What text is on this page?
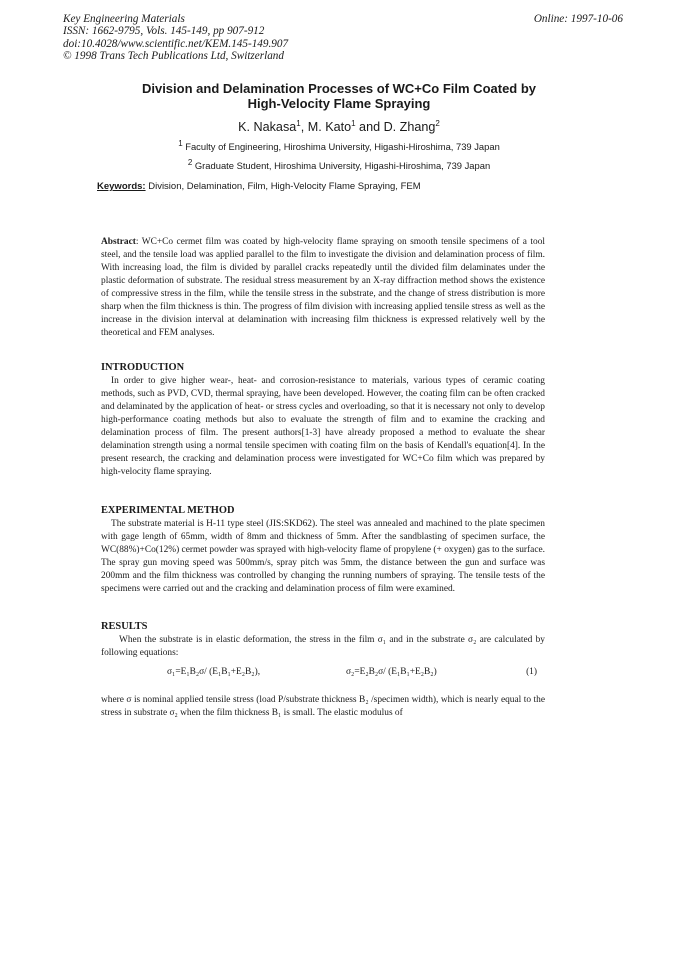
Key Engineering Materials
ISSN: 1662-9795, Vols. 145-149, pp 907-912
doi:10.4028/www.scientific.net/KEM.145-149.907
© 1998 Trans Tech Publications Ltd, Switzerland
Online: 1997-10-06
Division and Delamination Processes of WC+Co Film Coated by
High-Velocity Flame Spraying
K. Nakasa$^1$, M. Kato$^1$ and D. Zhang$^2$
$^1$ Faculty of Engineering, Hiroshima University, Higashi-Hiroshima, 739 Japan
$^2$ Graduate Student, Hiroshima University, Higashi-Hiroshima, 739 Japan
Keywords: Division, Delamination, Film, High-Velocity Flame Spraying, FEM
Abstract: WC+Co cermet film was coated by high-velocity flame spraying on smooth tensile specimens of a tool steel, and the tensile load was applied parallel to the film to investigate the division and delamination process of film. With increasing load, the film is divided by parallel cracks repeatedly until the divided film delaminates under the plastic deformation of substrate. The residual stress measurement by an X-ray diffraction method shows the existence of compressive stress in the film, while the tensile stress in the substrate, and the change of stress distribution is more sharp when the film thickness is thin. The progress of film division with increasing applied tensile stress as well as the increase in the division interval at delamination with increasing film thickness is expressed relatively well by the theoretical and FEM analyses.
INTRODUCTION
In order to give higher wear-, heat- and corrosion-resistance to materials, various types of ceramic coating methods, such as PVD, CVD, thermal spraying, have been developed. However, the coating film can be often cracked and delaminated by the application of heat- or stress cycles and overloading, so that it is necessary not only to develop high-performance coating methods but also to evaluate the strength of film and to examine the cracking and delamination process of film. The present authors[1-3] have already proposed a method to evaluate the shear delamination strength using a normal tensile specimen with coating film on the basis of Kendall's equation[4]. In the present research, the cracking and delamination process were investigated for WC+Co film which was prepared by high-velocity flame spraying.
EXPERIMENTAL METHOD
The substrate material is H-11 type steel (JIS:SKD62). The steel was annealed and machined to the plate specimen with gage length of 65mm, width of 8mm and thickness of 5mm. After the sandblasting of specimen surface, the WC(88%)+Co(12%) cermet powder was sprayed with high-velocity flame of propylene (+ oxygen) gas to the surface. The spray gun moving speed was 500mm/s, spray pitch was 5mm, the distance between the gun and surface was 200mm and the film thickness was controlled by changing the running numbers of spraying. The tensile tests of the specimens were carried out and the cracking and delamination process of film were examined.
RESULTS
When the substrate is in elastic deformation, the stress in the film σ₁ and in the substrate σ₂ are calculated by following equations:
σ₁=E₁B₂σ/ (E₁B₁+E₂B₂),	σ₂=E₂B₂σ/ (E₁B₁+E₂B₂)	(1)
where σ is nominal applied tensile stress (load P/substrate thickness B₂ /specimen width), which is nearly equal to the stress in substrate σ₂ when the film thickness B₁ is small. The elastic modulus of
